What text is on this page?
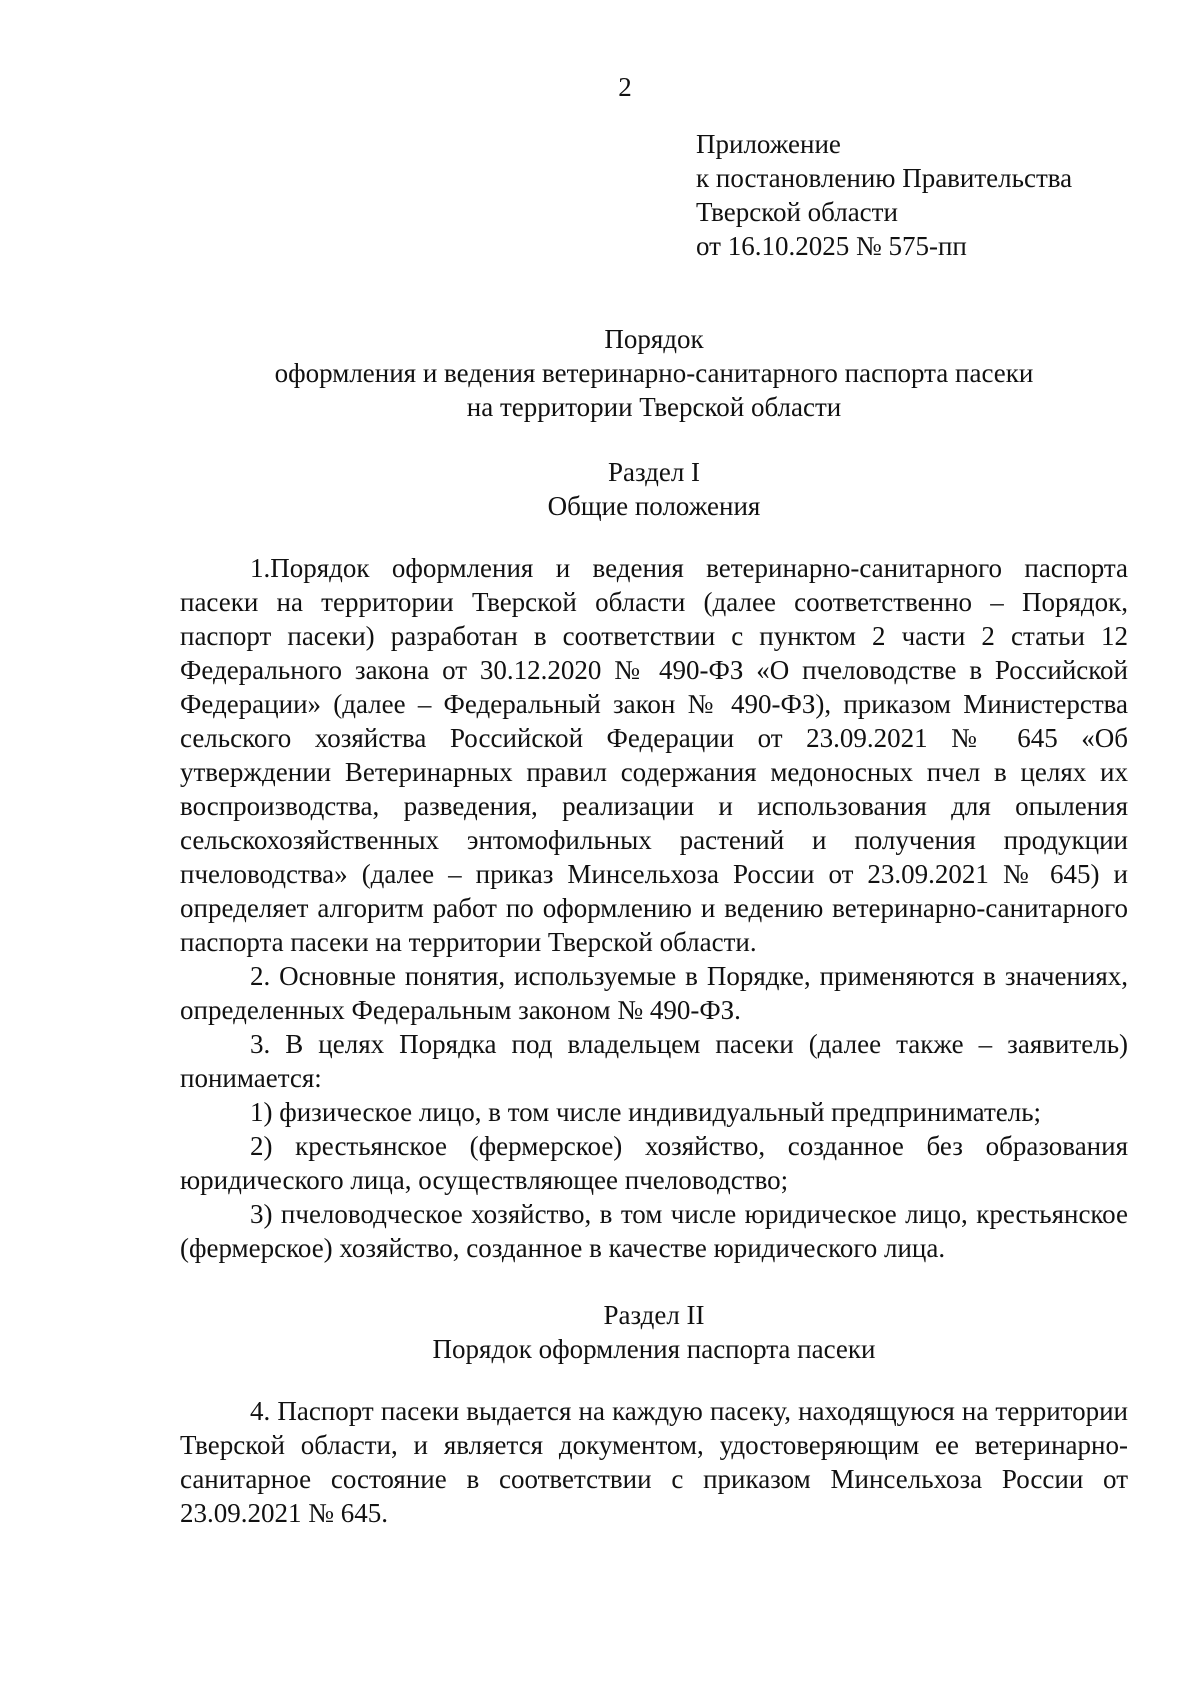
2
Приложение
к постановлению Правительства
Тверской области
от 16.10.2025 № 575-пп
Порядок
оформления и ведения ветеринарно-санитарного паспорта пасеки
на территории Тверской области
Раздел I
Общие положения

1.Порядок оформления и ведения ветеринарно-санитарного паспорта пасеки на территории Тверской области (далее соответственно – Порядок, паспорт пасеки) разработан в соответствии с пунктом 2 части 2 статьи 12 Федерального закона от 30.12.2020 № 490-ФЗ «О пчеловодстве в Российской Федерации» (далее – Федеральный закон № 490-ФЗ), приказом Министерства сельского хозяйства Российской Федерации от 23.09.2021 № 645 «Об утверждении Ветеринарных правил содержания медоносных пчел в целях их воспроизводства, разведения, реализации и использования для опыления сельскохозяйственных энтомофильных растений и получения продукции пчеловодства» (далее – приказ Минсельхоза России от 23.09.2021 № 645) и определяет алгоритм работ по оформлению и ведению ветеринарно-санитарного паспорта пасеки на территории Тверской области.

2. Основные понятия, используемые в Порядке, применяются в значениях, определенных Федеральным законом № 490-ФЗ.

3. В целях Порядка под владельцем пасеки (далее также – заявитель) понимается:

1) физическое лицо, в том числе индивидуальный предприниматель;

2) крестьянское (фермерское) хозяйство, созданное без образования юридического лица, осуществляющее пчеловодство;

3) пчеловодческое хозяйство, в том числе юридическое лицо, крестьянское (фермерское) хозяйство, созданное в качестве юридического лица.

Раздел II
Порядок оформления паспорта пасеки

4. Паспорт пасеки выдается на каждую пасеку, находящуюся на территории Тверской области, и является документом, удостоверяющим ее ветеринарно-санитарное состояние в соответствии с приказом Минсельхоза России от 23.09.2021 № 645.
